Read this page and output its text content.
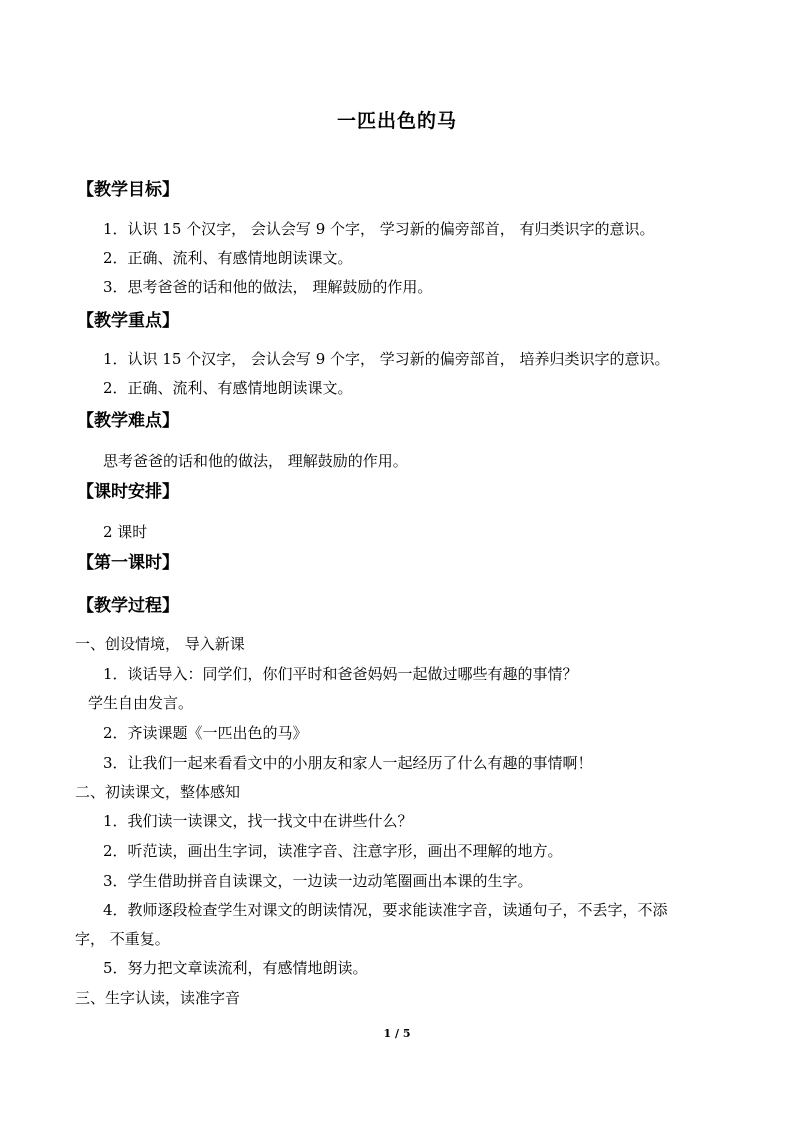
一匹出色的马
【教学目标】
1．认识 15 个汉字， 会认会写 9 个字， 学习新的偏旁部首， 有归类识字的意识。
2．正确、流利、有感情地朗读课文。
3．思考爸爸的话和他的做法， 理解鼓励的作用。
【教学重点】
1．认识 15 个汉字， 会认会写 9 个字， 学习新的偏旁部首， 培养归类识字的意识。
2．正确、流利、有感情地朗读课文。
【教学难点】
思考爸爸的话和他的做法， 理解鼓励的作用。
【课时安排】
2 课时
【第一课时】
【教学过程】
一、创设情境， 导入新课
1．谈话导入：同学们，你们平时和爸爸妈妈一起做过哪些有趣的事情？
学生自由发言。
2．齐读课题《一匹出色的马》
3．让我们一起来看看文中的小朋友和家人一起经历了什么有趣的事情啊！
二、初读课文，整体感知
1．我们读一读课文，找一找文中在讲些什么？
2．听范读，画出生字词，读准字音、注意字形，画出不理解的地方。
3．学生借助拼音自读课文，一边读一边动笔圈画出本课的生字。
4．教师逐段检查学生对课文的朗读情况，要求能读准字音，读通句子，不丢字，不添
字， 不重复。
5．努力把文章读流利，有感情地朗读。
三、生字认读，读准字音
1 / 5
